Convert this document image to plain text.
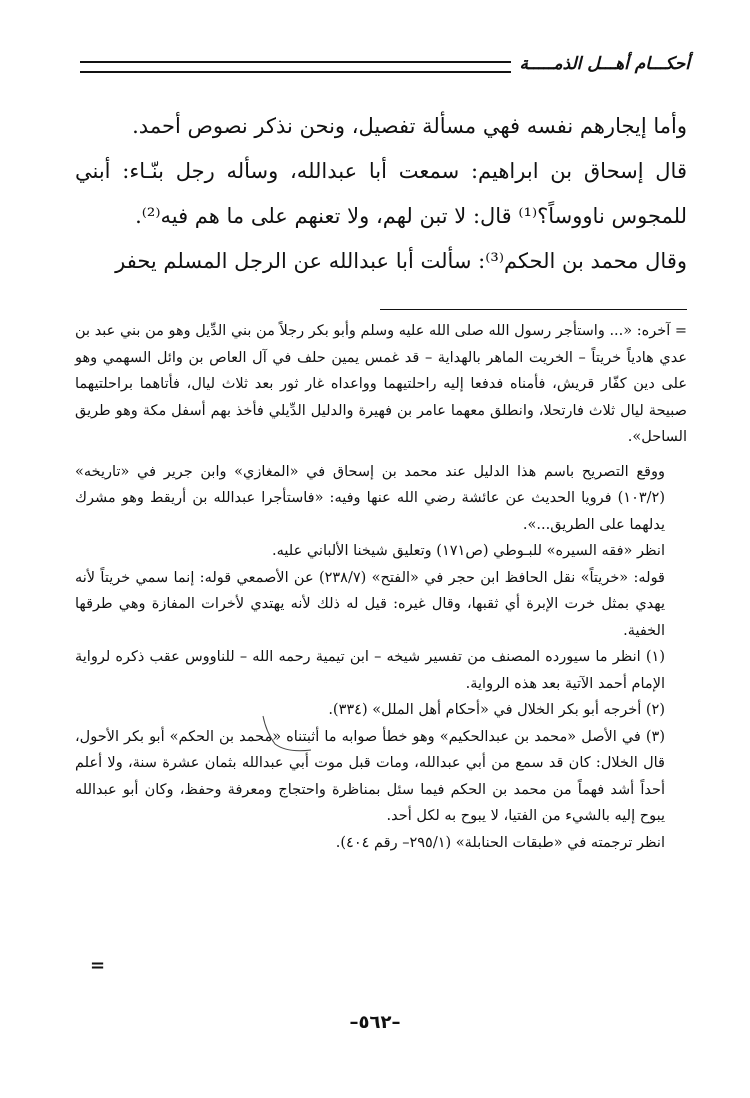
أحكـــام أهـــل الذمـــــة

وأما إيجارهم نفسه فهي مسألة تفصيل، ونحن نذكر نصوص أحمد.

قال إسحاق بن ابراهيم: سمعت أبا عبدالله، وسأله رجل بنّـاء: أبني للمجوس ناووساً؟⁽¹⁾ قال: لا تبن لهم، ولا تعنهم على ما هم فيه⁽²⁾.

وقال محمد بن الحكم⁽³⁾: سألت أبا عبدالله عن الرجل المسلم يحفر

= آخره: «... واستأجر رسول الله صلى الله عليه وسلم وأبو بكر رجلاً من بني الدِّيل وهو من بني عبد بن عدي هادياً خريتاً – الخريت الماهر بالهداية – قد غمس يمين حلف في آل العاص بن وائل السهمي وهو على دين كفّار قريش، فأمناه فدفعا إليه راحلتيهما وواعداه غار ثور بعد ثلاث ليال، فأتاهما براحلتيهما صبيحة ليال ثلاث فارتحلا، وانطلق معهما عامر بن فهيرة والدليل الدِّيلي فأخذ بهم أسفل مكة وهو طريق الساحل».

ووقع التصريح باسم هذا الدليل عند محمد بن إسحاق في «المغازي» وابن جرير في «تاريخه» (١٠٣/٢) فرويا الحديث عن عائشة رضي الله عنها وفيه: «فاستأجرا عبدالله بن أريقط وهو مشرك يدلهما على الطريق...».

انظر «فقه السيره» للبـوطي (ص١٧١) وتعليق شيخنا الألباني عليه.

قوله: «خريتاً» نقل الحافظ ابن حجر في «الفتح» (٢٣٨/٧) عن الأصمعي قوله: إنما سمي خريتاً لأنه يهدي بمثل خرت الإبرة أي ثقبها، وقال غيره: قيل له ذلك لأنه يهتدي لأخرات المفازة وهي طرقها الخفية.

(١) انظر ما سيورده المصنف من تفسير شيخه – ابن تيمية رحمه الله – للناووس عقب ذكره لرواية الإمام أحمد الآتية بعد هذه الرواية.

(٢) أخرجه أبو بكر الخلال في «أحكام أهل الملل» (٣٣٤).

(٣) في الأصل «محمد بن عبدالحكيم» وهو خطأ صوابه ما أثبتناه «محمد بن الحكم» أبو بكر الأحول، قال الخلال: كان قد سمع من أبي عبدالله، ومات قبل موت أبي عبدالله بثمان عشرة سنة، ولا أعلم أحداً أشد فهماً من محمد بن الحكم فيما سئل بمناظرة واحتجاج ومعرفة وحفظ، وكان أبو عبدالله يبوح إليه بالشيء من الفتيا، لا يبوح به لكل أحد.

انظر ترجمته في «طبقات الحنابلة» (٢٩٥/١– رقم ٤٠٤).

=
–٥٦٢–
